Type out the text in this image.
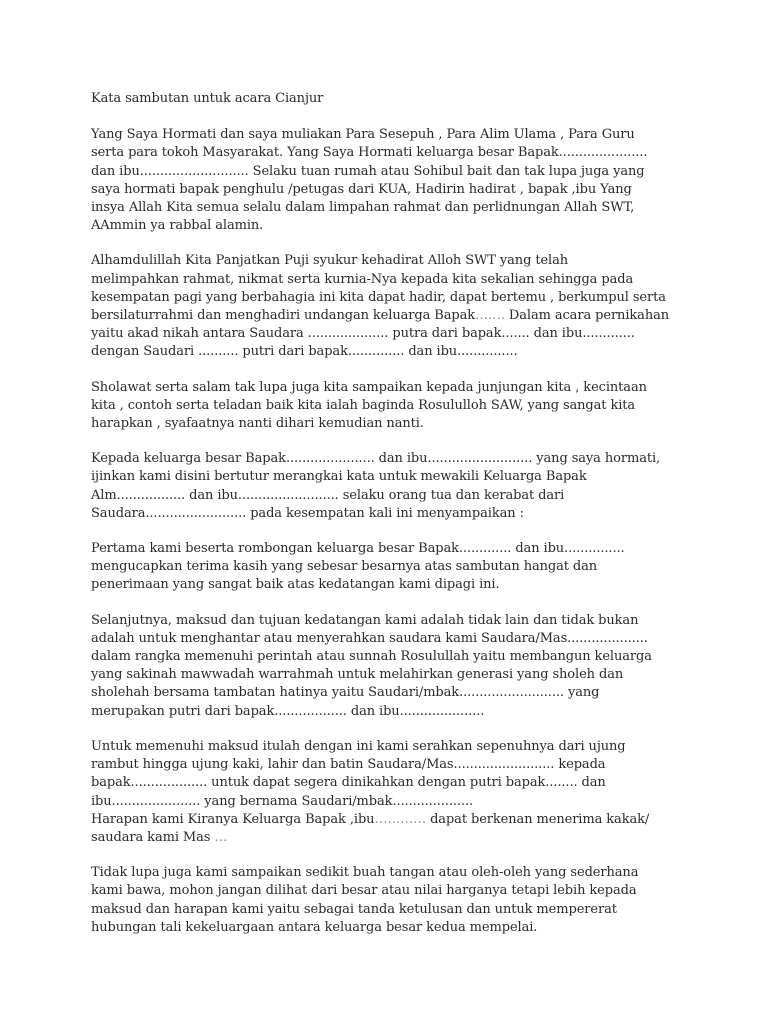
Kata sambutan untuk acara Cianjur
Yang Saya Hormati dan saya muliakan Para Sesepuh , Para Alim Ulama , Para Guru
serta para tokoh Masyarakat. Yang Saya Hormati keluarga besar Bapak......................
dan ibu........................... Selaku tuan rumah atau Sohibul bait dan tak lupa juga yang
saya hormati bapak penghulu /petugas dari KUA, Hadirin hadirat , bapak ,ibu Yang
insya Allah Kita semua selalu dalam limpahan rahmat dan perlidnungan Allah SWT,
AAmmin ya rabbal alamin.
Alhamdulillah Kita Panjatkan Puji syukur kehadirat Alloh SWT yang telah
melimpahkan rahmat, nikmat serta kurnia-Nya kepada kita sekalian sehingga pada
kesempatan pagi yang berbahagia ini kita dapat hadir, dapat bertemu , berkumpul serta
bersilaturrahmi dan menghadiri undangan keluarga Bapak……. Dalam acara pernikahan
yaitu akad nikah antara Saudara .................... putra dari bapak....... dan ibu.............
dengan Saudari .......... putri dari bapak.............. dan ibu...............
Sholawat serta salam tak lupa juga kita sampaikan kepada junjungan kita , kecintaan
kita , contoh serta teladan baik kita ialah baginda Rosululloh SAW, yang sangat kita
harapkan , syafaatnya nanti dihari kemudian nanti.
Kepada keluarga besar Bapak...................... dan ibu.......................... yang saya hormati,
ijinkan kami disini bertutur merangkai kata untuk mewakili Keluarga Bapak
Alm................. dan ibu......................... selaku orang tua dan kerabat dari
Saudara......................... pada kesempatan kali ini menyampaikan :
Pertama kami beserta rombongan keluarga besar Bapak............. dan ibu...............
mengucapkan terima kasih yang sebesar besarnya atas sambutan hangat dan
penerimaan yang sangat baik atas kedatangan kami dipagi ini.
Selanjutnya, maksud dan tujuan kedatangan kami adalah tidak lain dan tidak bukan
adalah untuk menghantar atau menyerahkan saudara kami Saudara/Mas....................
dalam rangka memenuhi perintah atau sunnah Rosulullah yaitu membangun keluarga
yang sakinah mawwadah warrahmah untuk melahirkan generasi yang sholeh dan
sholehah bersama tambatan hatinya yaitu Saudari/mbak.......................... yang
merupakan putri dari bapak.................. dan ibu.....................
Untuk memenuhi maksud itulah dengan ini kami serahkan sepenuhnya dari ujung
rambut hingga ujung kaki, lahir dan batin Saudara/Mas......................... kepada
bapak................... untuk dapat segera dinikahkan dengan putri bapak........ dan
ibu...................... yang bernama Saudari/mbak....................
Harapan kami Kiranya Keluarga Bapak ,ibu………… dapat berkenan menerima kakak/
saudara kami Mas …
Tidak lupa juga kami sampaikan sedikit buah tangan atau oleh-oleh yang sederhana
kami bawa, mohon jangan dilihat dari besar atau nilai harganya tetapi lebih kepada
maksud dan harapan kami yaitu sebagai tanda ketulusan dan untuk mempererat
hubungan tali kekeluargaan antara keluarga besar kedua mempelai.
